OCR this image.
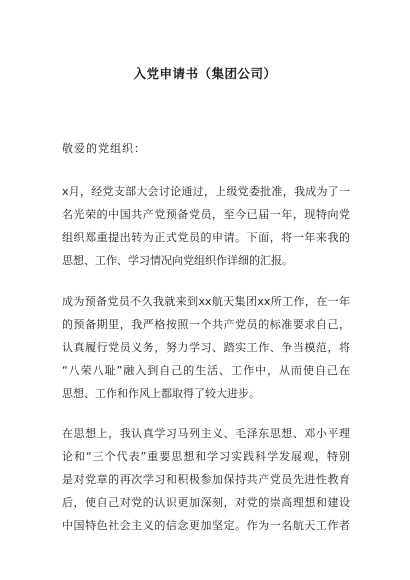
入党申请书（集团公司）
敬爱的党组织：
x月，经党支部大会讨论通过，上级党委批准，我成为了一
名光荣的中国共产党预备党员，至今已届一年，现特向党
组织郑重提出转为正式党员的申请。下面，将一年来我的
思想、工作、学习情况向党组织作详细的汇报。
成为预备党员不久我就来到xx航天集团xx所工作，在一年
的预备期里，我严格按照一个共产党员的标准要求自己，
认真履行党员义务，努力学习、踏实工作、争当模范，将
“八荣八耻”融入到自己的生活、工作中，从而使自己在
思想、工作和作风上都取得了较大进步。
在思想上，我认真学习马列主义、毛泽东思想、邓小平理
论和“三个代表”重要思想和学习实践科学发展观，特别
是对党章的再次学习和积极参加保持共产党员先进性教育
后，使自己对党的认识更加深刻，对党的崇高理想和建设
中国特色社会主义的信念更加坚定。作为一名航天工作者
